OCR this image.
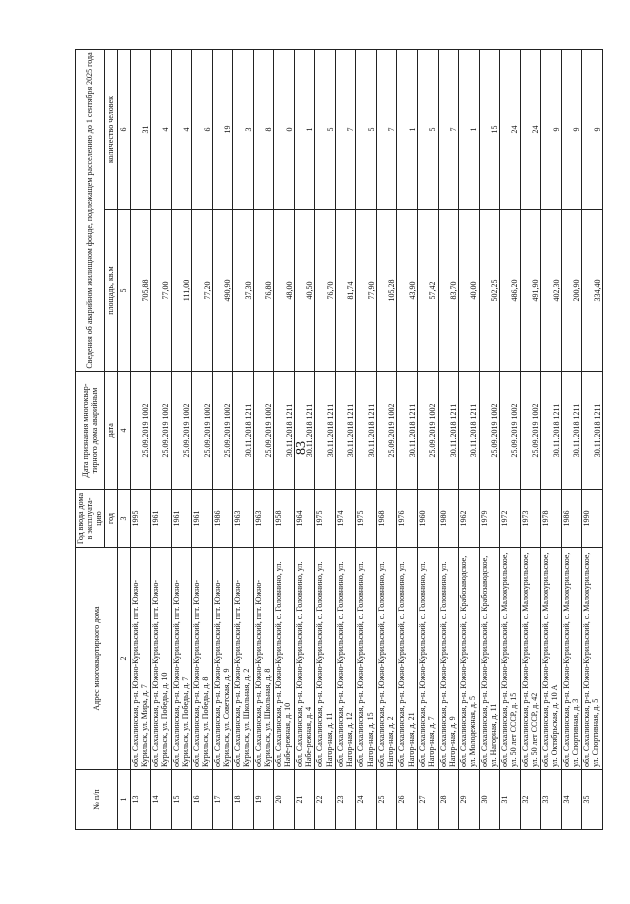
83
№ п/п	Адрес многоквартирного дома	Год ввода дома в эксплуата-цию	Дата признания многоквар-тирного дома аварийным	Сведения об аварийном жилищном фонде, подлежащем расселению до 1 сентября 2025 года	
		год	дата	площадь, кв.м	количество человек
1	2	3	4	5	6
13	обл. Сахалинская, р-н. Южно-Курильский, пгт. Южно-Курильск, ул. Мира, д. 7	1995	25.09.2019 1002	705,88	31
14	обл. Сахалинская, р-н. Южно-Курильский, пгт. Южно-Курильск, ул. Победы, д. 10	1961	25.09.2019 1002	77,00	4
15	обл. Сахалинская, р-н. Южно-Курильский, пгт. Южно-Курильск, ул. Победы, д. 7	1961	25.09.2019 1002	111,00	4
16	обл. Сахалинская, р-н. Южно-Курильский, пгт. Южно-Курильск, ул. Победы, д. 8	1961	25.09.2019 1002	77,20	6
17	обл. Сахалинская, р-н. Южно-Курильский, пгт. Южно-Курильск, ул. Советская, д. 9	1986	25.09.2019 1002	490,90	19
18	обл. Сахалинская, р-н. Южно-Курильский, пгт. Южно-Курильск, ул. Школьная, д. 2	1963	30.11.2018 1211	37,30	3
19	обл. Сахалинская, р-н. Южно-Курильский, пгт. Южно-Курильск, ул. Школьная, д. 8	1963	25.09.2019 1002	76,80	8
20	обл. Сахалинская, р-н. Южно-Курильский, с. Головнино, ул. Набе-режная, д. 10	1958	30.11.2018 1211	48,00	0
21	обл. Сахалинская, р-н. Южно-Курильский, с. Головнино, ул. Набе-режная, д. 4	1964	30.11.2018 1211	40,50	1
22	обл. Сахалинская, р-н. Южно-Курильский, с. Головнино, ул. Нагор-ная, д. 11	1975	30.11.2018 1211	76,70	5
23	обл. Сахалинская, р-н. Южно-Курильский, с. Головнино, ул. Нагор-ная, д. 12	1974	30.11.2018 1211	81,74	7
24	обл. Сахалинская, р-н. Южно-Курильский, с. Головнино, ул. Нагор-ная, д. 15	1975	30.11.2018 1211	77,90	5
25	обл. Сахалинская, р-н. Южно-Курильский, с. Головнино, ул. Нагор-ная, д. 2	1968	25.09.2019 1002	105,28	7
26	обл. Сахалинская, р-н. Южно-Курильский, с. Головнино, ул. Нагор-ная, д. 21	1976	30.11.2018 1211	43,90	1
27	обл. Сахалинская, р-н. Южно-Курильский, с. Головнино, ул. Нагор-ная, д. 7	1960	25.09.2019 1002	57,42	5
28	обл. Сахалинская, р-н. Южно-Курильский, с. Головнино, ул. Нагор-ная, д. 9	1980	30.11.2018 1211	83,70	7
29	обл. Сахалинская, р-н. Южно-Курильский, с. Крабозаводское, ул. Молодежная, д. 5	1962	30.11.2018 1211	40,00	1
30	обл. Сахалинская, р-н. Южно-Курильский, с. Крабозаводское, ул. Нагорная, д. 11	1979	25.09.2019 1002	502,25	15
31	обл. Сахалинская, р-н. Южно-Курильский, с. Малокурильское, ул. 50 лет СССР, д. 15	1972	25.09.2019 1002	486,20	24
32	обл. Сахалинская, р-н. Южно-Курильский, с. Малокурильское, ул. 50 лет СССР, д. 42	1973	25.09.2019 1002	491,90	24
33	обл. Сахалинская, р-н. Южно-Курильский, с. Малокурильское, ул. Октябрьская, д. 10 А	1978	30.11.2018 1211	402,30	9
34	обл. Сахалинская, р-н. Южно-Курильский, с. Малокурильское, ул. Спортивная, д. 3	1986	30.11.2018 1211	200,90	9
35	обл. Сахалинская, р-н. Южно-Курильский, с. Малокурильское, ул. Спортивная, д. 5	1990	30.11.2018 1211	334,40	9
